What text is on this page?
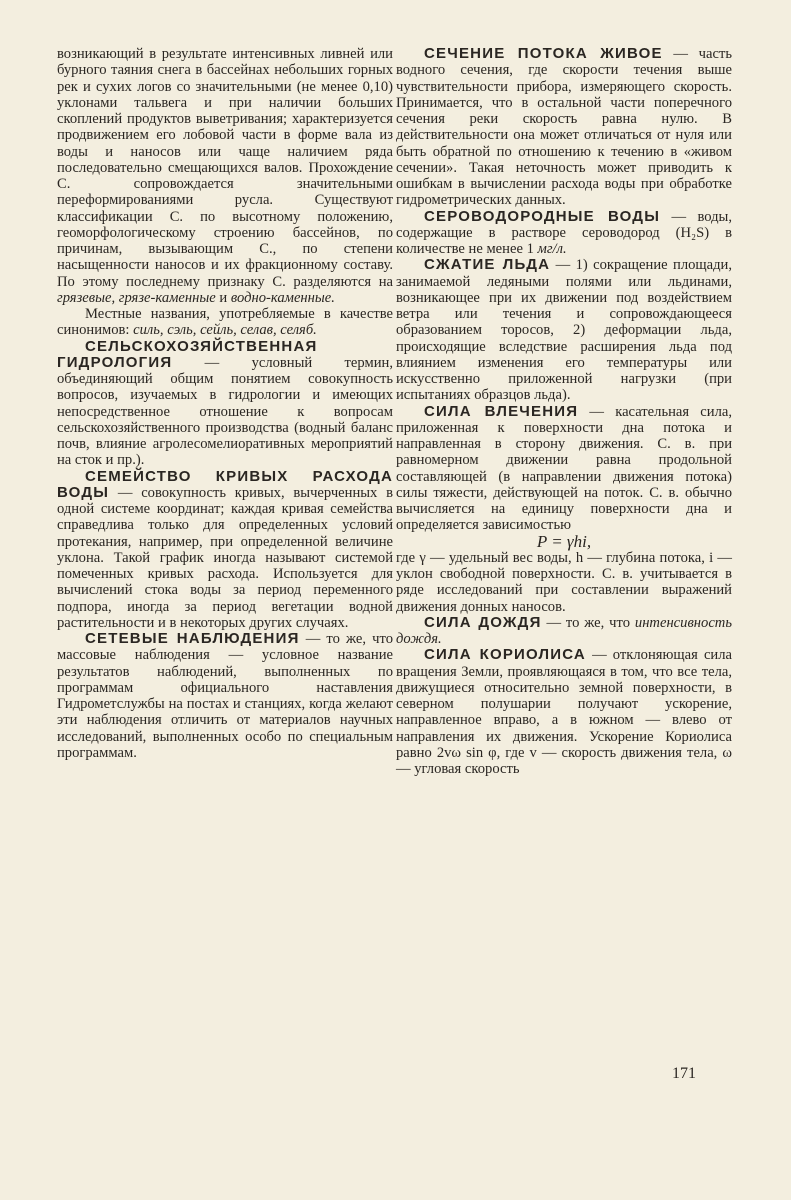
возникающий в результате интенсивных ливней или бурного таяния снега в бассейнах небольших горных рек и сухих логов со значительными (не менее 0,10) уклонами тальвега и при наличии больших скоплений продуктов выветривания; характеризуется продвижением его лобовой части в форме вала из воды и наносов или чаще наличием ряда последовательно смещающихся валов. Прохождение С. сопровождается значительными переформированиями русла. Существуют классификации С. по высотному положению, геоморфологическому строению бассейнов, по причинам, вызывающим С., по степени насыщенности наносов и их фракционному составу. По этому последнему признаку С. разделяются на грязевые, грязе-каменные и водно-каменные.

Местные названия, употребляемые в качестве синонимов: силь, сэль, сейль, селав, селяб.

СЕЛЬСКОХОЗЯЙСТВЕННАЯ ГИДРОЛОГИЯ — условный термин, объединяющий общим понятием совокупность вопросов, изучаемых в гидрологии и имеющих непосредственное отношение к вопросам сельскохозяйственного производства (водный баланс почв, влияние агролесомелиоративных мероприятий на сток и пр.).

СЕМЕЙСТВО КРИВЫХ РАСХОДА ВОДЫ — совокупность кривых, вычерченных в одной системе координат; каждая кривая семейства справедлива только для определенных условий протекания, например, при определенной величине уклона. Такой график иногда называют системой помеченных кривых расхода. Используется для вычислений стока воды за период переменного подпора, иногда за период вегетации водной растительности и в некоторых других случаях.

СЕТЕВЫЕ НАБЛЮДЕНИЯ — то же, что массовые наблюдения — условное название результатов наблюдений, выполненных по программам официального наставления Гидрометслужбы на постах и станциях, когда желают эти наблюдения отличить от материалов научных исследований, выполненных особо по специальным программам.

СЕЧЕНИЕ ПОТОКА ЖИВОЕ — часть водного сечения, где скорости течения выше чувствительности прибора, измеряющего скорость. Принимается, что в остальной части поперечного сечения реки скорость равна нулю. В действительности она может отличаться от нуля или быть обратной по отношению к течению в «живом сечении». Такая неточность может приводить к ошибкам в вычислении расхода воды при обработке гидрометрических данных.

СЕРОВОДОРОДНЫЕ ВОДЫ — воды, содержащие в растворе сероводород (H₂S) в количестве не менее 1 мг/л.

СЖАТИЕ ЛЬДА — 1) сокращение площади, занимаемой ледяными полями или льдинами, возникающее при их движении под воздействием ветра или течения и сопровождающееся образованием торосов, 2) деформации льда, происходящие вследствие расширения льда под влиянием изменения его температуры или искусственно приложенной нагрузки (при испытаниях образцов льда).

СИЛА ВЛЕЧЕНИЯ — касательная сила, приложенная к поверхности дна потока и направленная в сторону движения. С. в. при равномерном движении равна продольной составляющей (в направлении движения потока) силы тяжести, действующей на поток. С. в. обычно вычисляется на единицу поверхности дна и определяется зависимостью

P = γhi,

где γ — удельный вес воды, h — глубина потока, i — уклон свободной поверхности. С. в. учитывается в ряде исследований при составлении выражений движения донных наносов.

СИЛА ДОЖДЯ — то же, что интенсивность дождя.

СИЛА КОРИОЛИСА — отклоняющая сила вращения Земли, проявляющаяся в том, что все тела, движущиеся относительно земной поверхности, в северном полушарии получают ускорение, направленное вправо, а в южном — влево от направления их движения. Ускорение Кориолиса равно 2vω sin φ, где v — скорость движения тела, ω — угловая скорость

171
